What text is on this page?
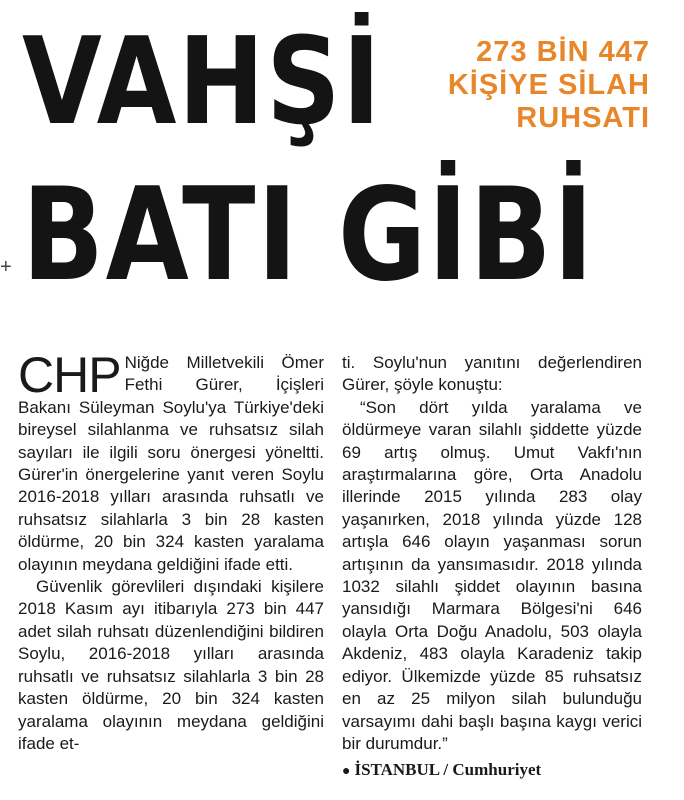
VAHŞİ
BATI GİBİ
+
273 BİN 447
KİŞİYE SİLAH
RUHSATI

CHP Niğde Milletvekili Ömer Fethi Gürer, İçişleri Bakanı Süleyman Soylu'ya Türkiye'deki bireysel silahlanma ve ruhsatsız silah sayıları ile ilgili soru önergesi yöneltti. Gürer'in önergelerine yanıt veren Soylu 2016-2018 yılları arasında ruhsatlı ve ruhsatsız silahlarla 3 bin 28 kasten öldürme, 20 bin 324 kasten yaralama olayının meydana geldiğini ifade etti.

Güvenlik görevlileri dışındaki kişilere 2018 Kasım ayı itibarıyla 273 bin 447 adet silah ruhsatı düzenlendiğini bildiren Soylu, 2016-2018 yılları arasında ruhsatlı ve ruhsatsız silahlarla 3 bin 28 kasten öldürme, 20 bin 324 kasten yaralama olayının meydana geldiğini ifade et-

ti. Soylu'nun yanıtını değerlendiren Gürer, şöyle konuştu:

“Son dört yılda yaralama ve öldürmeye varan silahlı şiddette yüzde 69 artış olmuş. Umut Vakfı'nın araştırmalarına göre, Orta Anadolu illerinde 2015 yılında 283 olay yaşanırken, 2018 yılında yüzde 128 artışla 646 olayın yaşanması sorun artışının da yansımasıdır. 2018 yılında 1032 silahlı şiddet olayının basına yansıdığı Marmara Bölgesi'ni 646 olayla Orta Doğu Anadolu, 503 olayla Akdeniz, 483 olayla Karadeniz takip ediyor. Ülkemizde yüzde 85 ruhsatsız en az 25 milyon silah bulunduğu varsayımı dahi başlı başına kaygı verici bir durumdur.”

● İSTANBUL / Cumhuriyet
